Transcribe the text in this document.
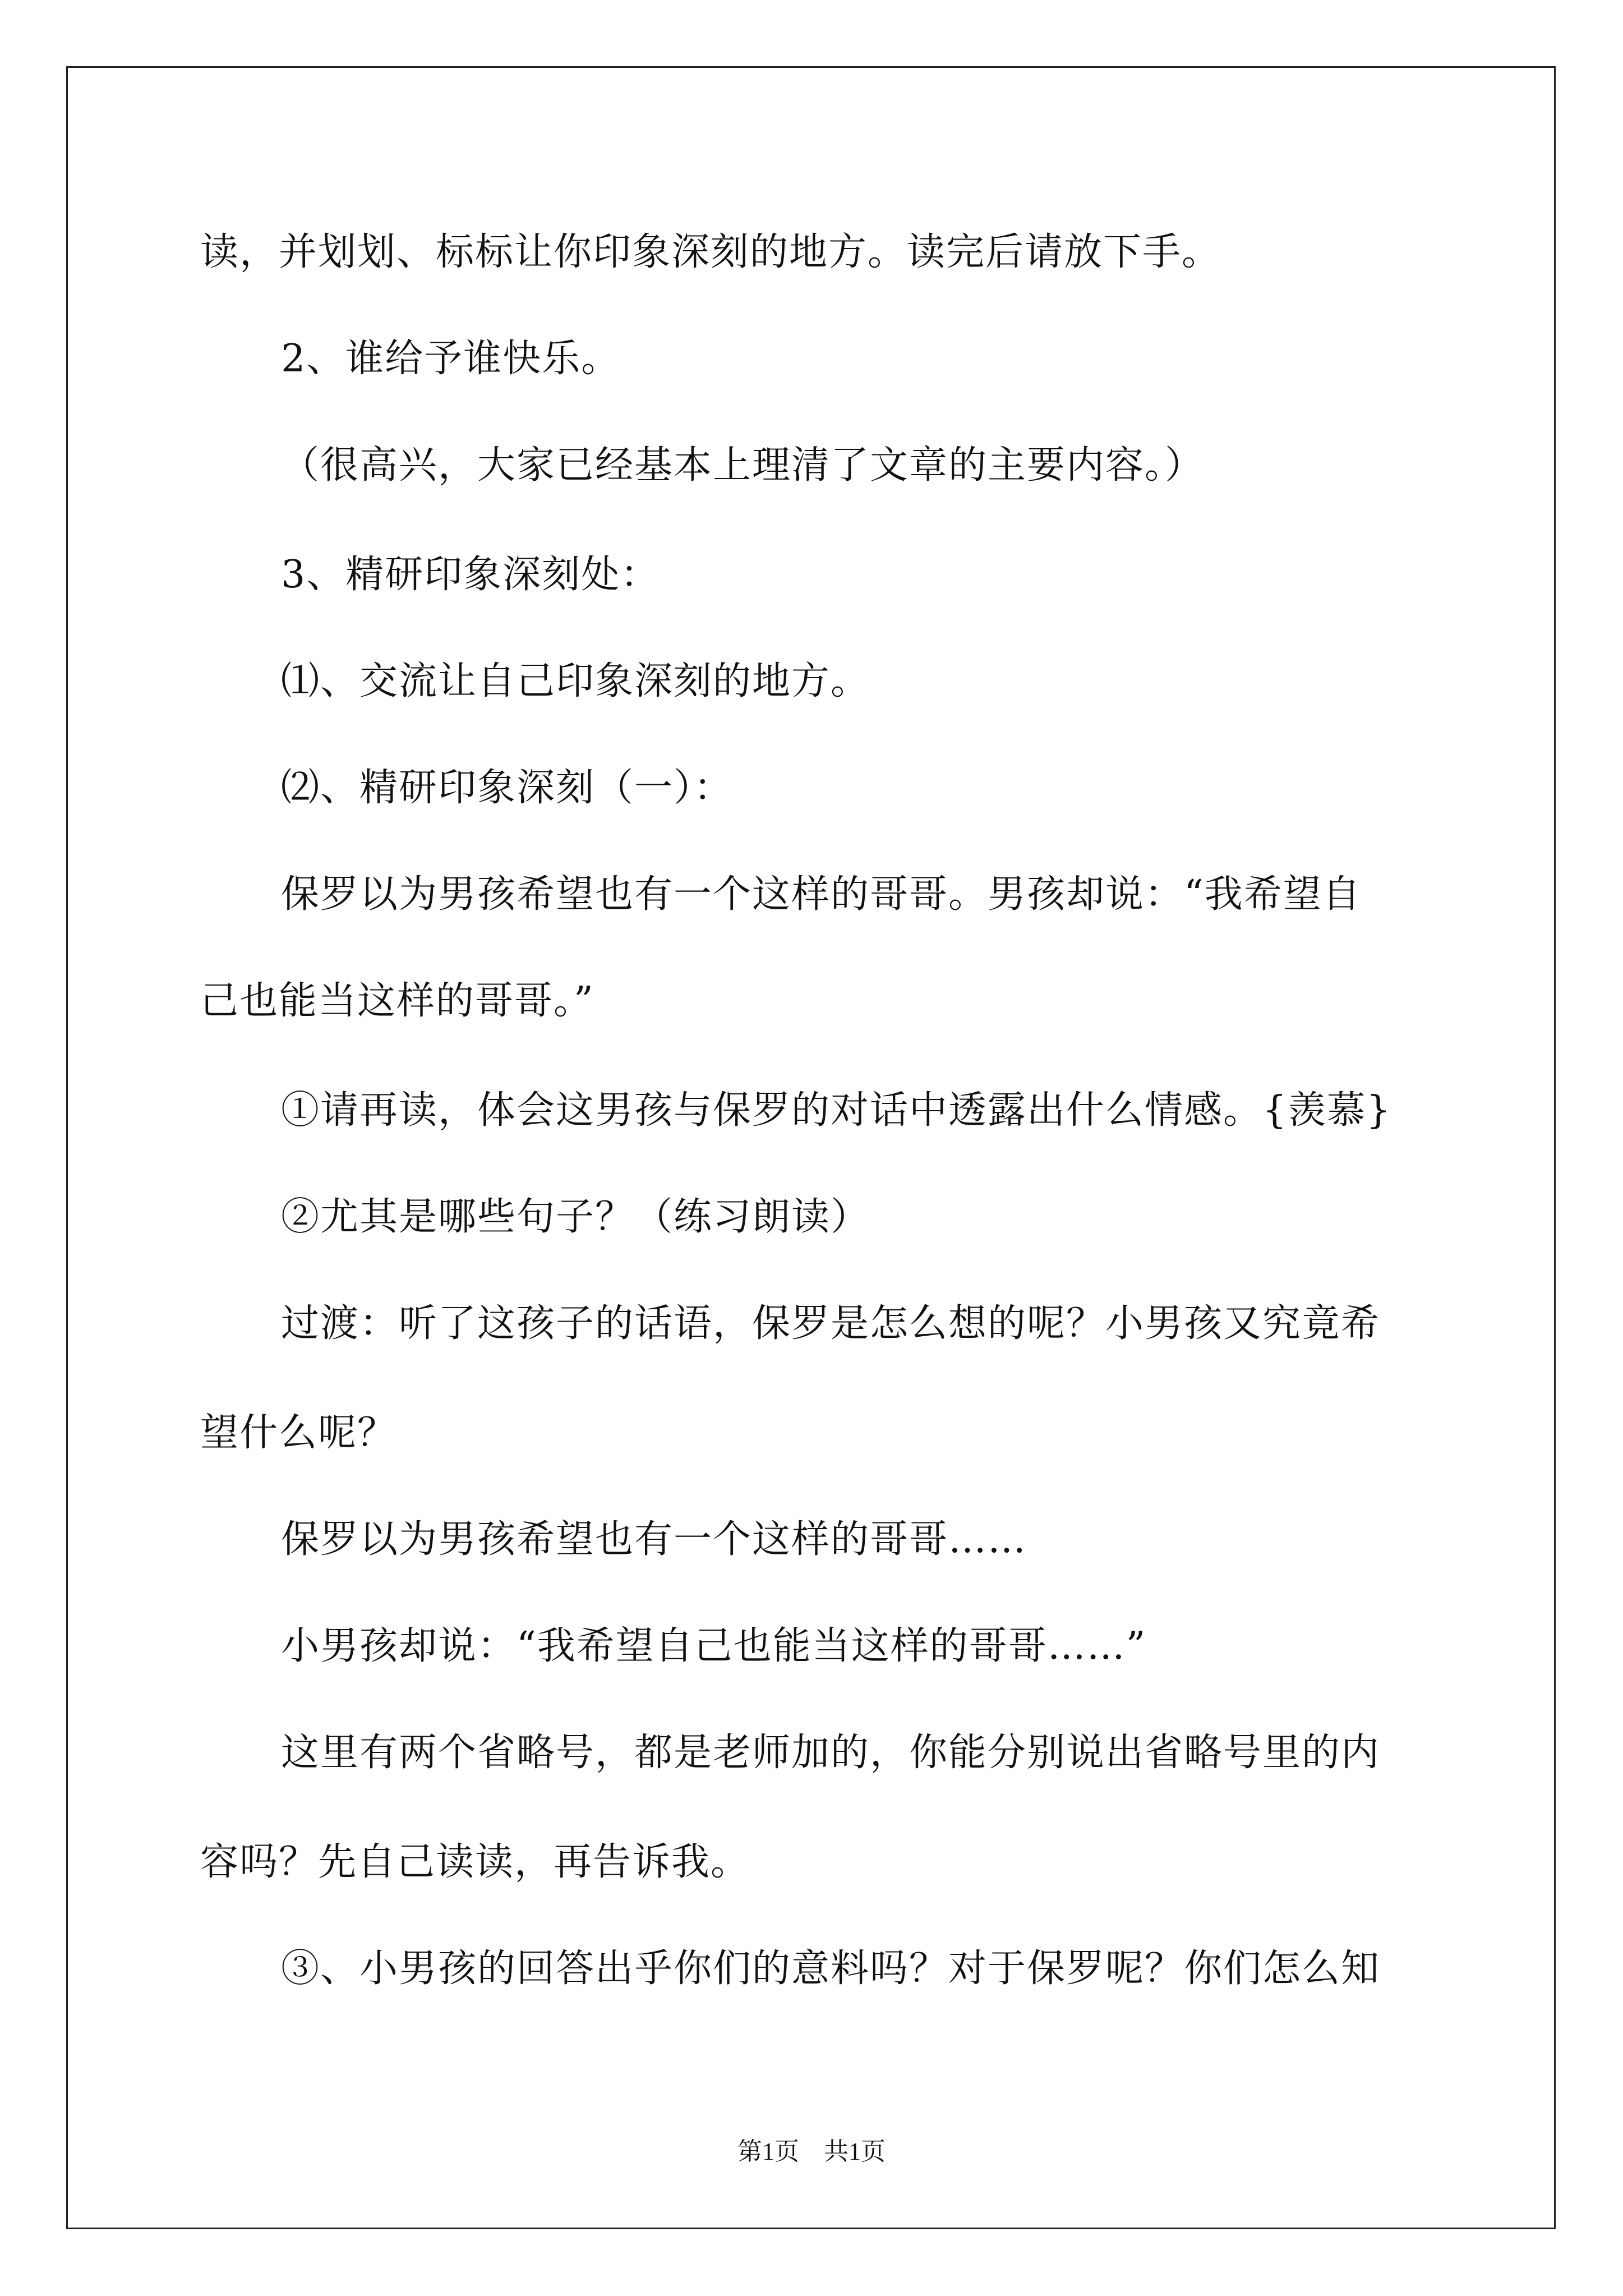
读，并划划、标标让你印象深刻的地方。读完后请放下手。
2、谁给予谁快乐。
（很高兴，大家已经基本上理清了文章的主要内容。）
3、精研印象深刻处：
⑴、交流让自己印象深刻的地方。
⑵、精研印象深刻（一）：
保罗以为男孩希望也有一个这样的哥哥。男孩却说：“我希望自
己也能当这样的哥哥。”
①请再读，体会这男孩与保罗的对话中透露出什么情感。{羡慕}
②尤其是哪些句子？（练习朗读）
过渡：听了这孩子的话语，保罗是怎么想的呢？小男孩又究竟希
望什么呢？
保罗以为男孩希望也有一个这样的哥哥……
小男孩却说：“我希望自己也能当这样的哥哥……”
这里有两个省略号，都是老师加的，你能分别说出省略号里的内
容吗？先自己读读，再告诉我。
③、小男孩的回答出乎你们的意料吗？对于保罗呢？你们怎么知
第1页　共1页
